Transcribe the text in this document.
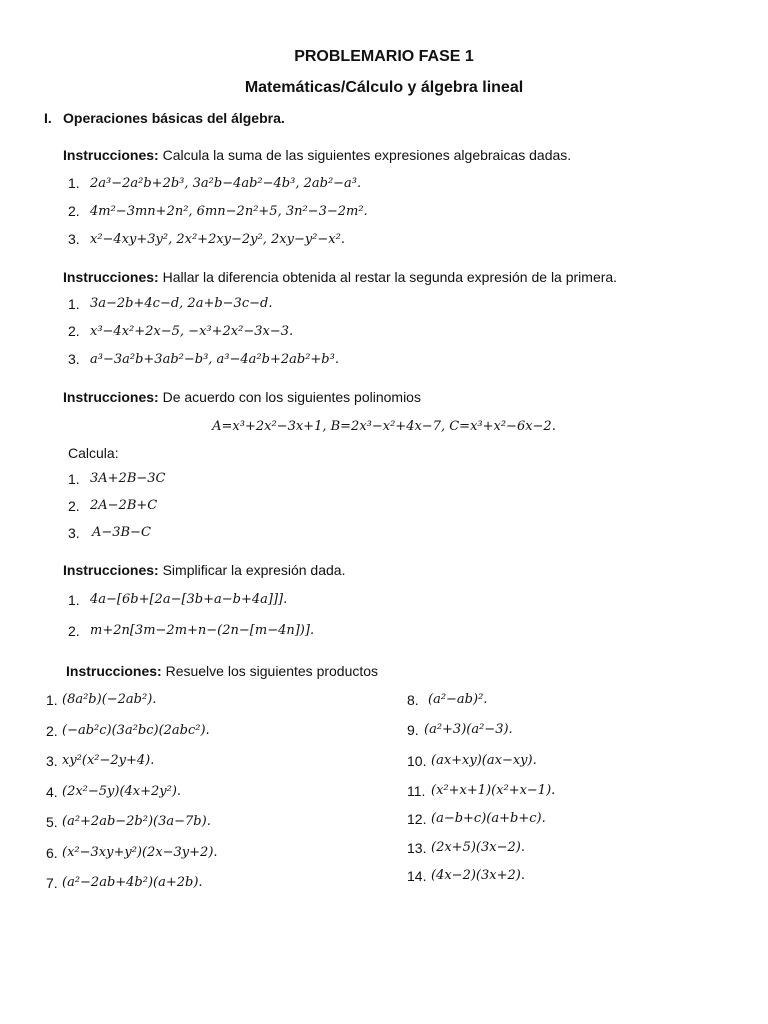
PROBLEMARIO FASE 1
Matemáticas/Cálculo y álgebra lineal
I. Operaciones básicas del álgebra.
Instrucciones: Calcula la suma de las siguientes expresiones algebraicas dadas.
1. 2a³−2a²b+2b³, 3a²b−4ab²−4b³, 2ab²−a³.
2. 4m²−3mn+2n², 6mn−2n²+5, 3n²−3−2m².
3. x²−4xy+3y², 2x²+2xy−2y², 2xy−y²−x².
Instrucciones: Hallar la diferencia obtenida al restar la segunda expresión de la primera.
1. 3a−2b+4c−d, 2a+b−3c−d.
2. x³−4x²+2x−5, −x³+2x²−3x−3.
3. a³−3a²b+3ab²−b³, a³−4a²b+2ab²+b³.
Instrucciones: De acuerdo con los siguientes polinomios
A=x³+2x²−3x+1, B=2x³−x²+4x−7, C=x³+x²−6x−2.
Calcula:
1. 3A+2B−3C
2. 2A−2B+C
3. A−3B−C
Instrucciones: Simplificar la expresión dada.
1. 4a−[6b+[2a−[3b+a−b+4a]]].
2. m+2n[3m−2m+n−(2n−[m−4n])].
Instrucciones: Resuelve los siguientes productos
1. (8a²b)(−2ab²).
2. (−ab²c)(3a²bc)(2abc²).
3. xy²(x²−2y+4).
4. (2x²−5y)(4x+2y²).
5. (a²+2ab−2b²)(3a−7b).
6. (x²−3xy+y²)(2x−3y+2).
7. (a²−2ab+4b²)(a+2b).
8. (a²−ab)².
9. (a²+3)(a²−3).
10. (ax+xy)(ax−xy).
11. (x²+x+1)(x²+x−1).
12. (a−b+c)(a+b+c).
13. (2x+5)(3x−2).
14. (4x−2)(3x+2).
